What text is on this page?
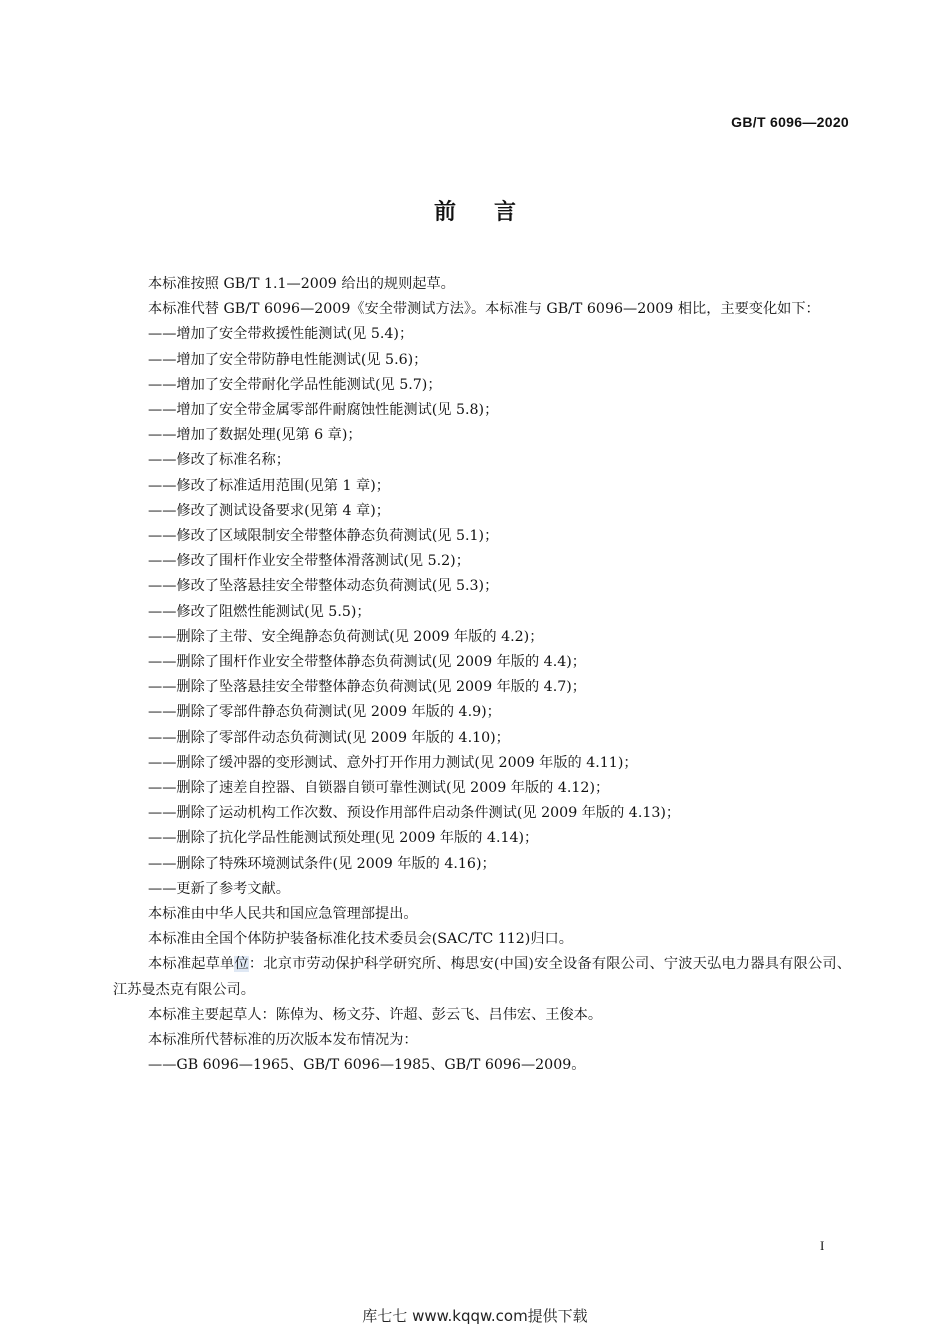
GB/T 6096—2020
前言

本标准按照 GB/T 1.1—2009 给出的规则起草。

本标准代替 GB/T 6096—2009《安全带测试方法》。本标准与 GB/T 6096—2009 相比，主要变化如下：

——增加了安全带救援性能测试(见 5.4)；

——增加了安全带防静电性能测试(见 5.6)；

——增加了安全带耐化学品性能测试(见 5.7)；

——增加了安全带金属零部件耐腐蚀性能测试(见 5.8)；

——增加了数据处理(见第 6 章)；

——修改了标准名称；

——修改了标准适用范围(见第 1 章)；

——修改了测试设备要求(见第 4 章)；

——修改了区域限制安全带整体静态负荷测试(见 5.1)；

——修改了围杆作业安全带整体滑落测试(见 5.2)；

——修改了坠落悬挂安全带整体动态负荷测试(见 5.3)；

——修改了阻燃性能测试(见 5.5)；

——删除了主带、安全绳静态负荷测试(见 2009 年版的 4.2)；

——删除了围杆作业安全带整体静态负荷测试(见 2009 年版的 4.4)；

——删除了坠落悬挂安全带整体静态负荷测试(见 2009 年版的 4.7)；

——删除了零部件静态负荷测试(见 2009 年版的 4.9)；

——删除了零部件动态负荷测试(见 2009 年版的 4.10)；

——删除了缓冲器的变形测试、意外打开作用力测试(见 2009 年版的 4.11)；

——删除了速差自控器、自锁器自锁可靠性测试(见 2009 年版的 4.12)；

——删除了运动机构工作次数、预设作用部件启动条件测试(见 2009 年版的 4.13)；

——删除了抗化学品性能测试预处理(见 2009 年版的 4.14)；

——删除了特殊环境测试条件(见 2009 年版的 4.16)；

——更新了参考文献。

本标准由中华人民共和国应急管理部提出。

本标准由全国个体防护装备标准化技术委员会(SAC/TC 112)归口。

本标准起草单位：北京市劳动保护科学研究所、梅思安(中国)安全设备有限公司、宁波天弘电力器具有限公司、江苏曼杰克有限公司。

本标准主要起草人：陈倬为、杨文芬、许超、彭云飞、吕伟宏、王俊本。

本标准所代替标准的历次版本发布情况为：

——GB 6096—1965、GB/T 6096—1985、GB/T 6096—2009。

I
库七七 www.kqqw.com提供下载
